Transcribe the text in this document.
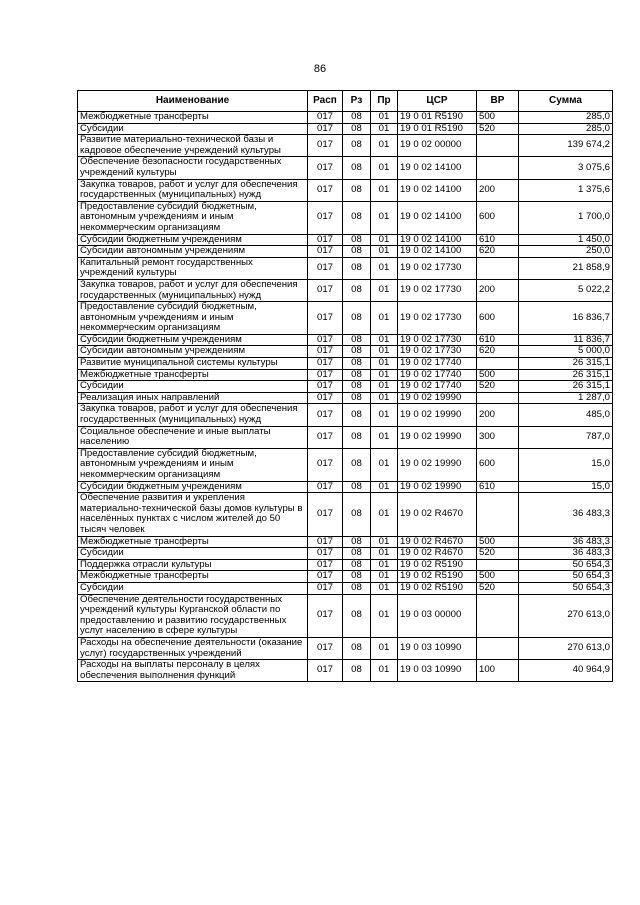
86
Наименование	Расп	Рз	Пр	ЦСР	ВР	Сумма
Межбюджетные трансферты	017	08	01	19 0 01 R5190	500	285,0
Субсидии	017	08	01	19 0 01 R5190	520	285,0
Развитие материально-технической базы и кадровое обеспечение учреждений культуры	017	08	01	19 0 02 00000		139 674,2
Обеспечение безопасности государственных учреждений культуры	017	08	01	19 0 02 14100		3 075,6
Закупка товаров, работ и услуг для обеспечения государственных (муниципальных) нужд	017	08	01	19 0 02 14100	200	1 375,6
Предоставление субсидий бюджетным, автономным учреждениям и иным некоммерческим организациям	017	08	01	19 0 02 14100	600	1 700,0
Субсидии бюджетным учреждениям	017	08	01	19 0 02 14100	610	1 450,0
Субсидии автономным учреждениям	017	08	01	19 0 02 14100	620	250,0
Капитальный ремонт государственных учреждений культуры	017	08	01	19 0 02 17730		21 858,9
Закупка товаров, работ и услуг для обеспечения государственных (муниципальных) нужд	017	08	01	19 0 02 17730	200	5 022,2
Предоставление субсидий бюджетным, автономным учреждениям и иным некоммерческим организациям	017	08	01	19 0 02 17730	600	16 836,7
Субсидии бюджетным учреждениям	017	08	01	19 0 02 17730	610	11 836,7
Субсидии автономным учреждениям	017	08	01	19 0 02 17730	620	5 000,0
Развитие муниципальной системы культуры	017	08	01	19 0 02 17740		26 315,1
Межбюджетные трансферты	017	08	01	19 0 02 17740	500	26 315,1
Субсидии	017	08	01	19 0 02 17740	520	26 315,1
Реализация иных направлений	017	08	01	19 0 02 19990		1 287,0
Закупка товаров, работ и услуг для обеспечения государственных (муниципальных) нужд	017	08	01	19 0 02 19990	200	485,0
Социальное обеспечение и иные выплаты населению	017	08	01	19 0 02 19990	300	787,0
Предоставление субсидий бюджетным, автономным учреждениям и иным некоммерческим организациям	017	08	01	19 0 02 19990	600	15,0
Субсидии бюджетным учреждениям	017	08	01	19 0 02 19990	610	15,0
Обеспечение развития и укрепления материально-технической базы домов культуры в населённых пунктах с числом жителей до 50 тысяч человек	017	08	01	19 0 02 R4670		36 483,3
Межбюджетные трансферты	017	08	01	19 0 02 R4670	500	36 483,3
Субсидии	017	08	01	19 0 02 R4670	520	36 483,3
Поддержка отрасли культуры	017	08	01	19 0 02 R5190		50 654,3
Межбюджетные трансферты	017	08	01	19 0 02 R5190	500	50 654,3
Субсидии	017	08	01	19 0 02 R5190	520	50 654,3
Обеспечение деятельности государственных учреждений культуры Курганской области по предоставлению и развитию государственных услуг населению в сфере культуры	017	08	01	19 0 03 00000		270 613,0
Расходы на обеспечение деятельности (оказание услуг) государственных учреждений	017	08	01	19 0 03 10990		270 613,0
Расходы на выплаты персоналу в целях обеспечения выполнения функций	017	08	01	19 0 03 10990	100	40 964,9
